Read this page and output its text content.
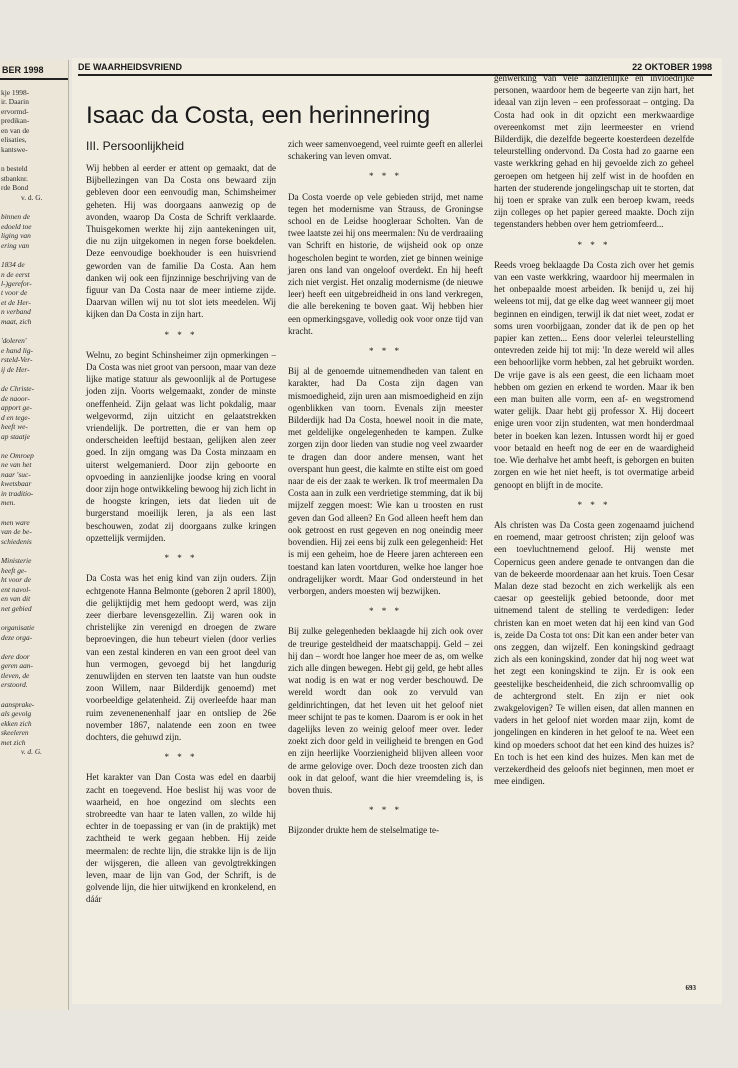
BER 1998
kje 1998-
ir. Daarin
ervormd-
predikan-
en van de
elisaties,
kantswe-
n besteld
stbanknr.
rde Bond
v. d. G.
binnen de
edoeld toe
liging van
ering van
1834 de
n de eerst
l-)gerefor-
t voor de
et de Her-
n verband
maat, zich
'doleren'
e hand lig-
rsteld-Ver-
ij de Her-
de Christe-
de naoor-
apport ge-
d en tege-
heeft we-
ap staatje
ne Omroep
ne van het
naar 'suc-
kwetsbaar
in traditio-
men.
men ware
van de be-
schiedenis
Ministerie
heeft ge-
ht voor de
ent navol-
en van dit
net gebied
organisatie
deze orga-
dere door
geren aan-
tleven, de
erstoord.
aansprake-
als gevolg
ekken zich
skeeleren
met zich
v. d. G.
DE WAARHEIDSVRIEND	22 OKTOBER 1998
Isaac da Costa, een herinnering
III. Persoonlijkheid

Wij hebben al eerder er attent op gemaakt, dat de Bijbellezingen van Da Costa ons bewaard zijn gebleven door een eenvoudig man, Schimsheimer geheten. Hij was doorgaans aanwezig op de avonden, waarop Da Costa de Schrift verklaarde. Thuisgekomen werkte hij zijn aantekeningen uit, die nu zijn uitgekomen in negen forse boekdelen. Deze eenvoudige boekhouder is een huisvriend geworden van de familie Da Costa. Aan hem danken wij ook een fijnzinnige beschrijving van de figuur van Da Costa naar de meer intieme zijde. Daarvan willen wij nu tot slot iets meedelen. Wij kijken dan Da Costa in zijn hart.

* * *

Welnu, zo begint Schinsheimer zijn opmerkingen – Da Costa was niet groot van persoon, maar van deze lijke matige statuur als gewoonlijk al de Portugese joden zijn. Voorts welgemaakt, zonder de minste oneffenheid. Zijn gelaat was licht pokdalig, maar welgevormd, zijn uitzicht en gelaatstrekken vriendelijk. De portretten, die er van hem op onderscheiden leeftijd bestaan, gelijken alen zeer goed. In zijn omgang was Da Costa minzaam en uiterst welgemanierd. Door zijn geboorte en opvoeding in aanzienlijke joodse kring en vooral door zijn hoge ontwikkeling bewoog hij zich licht in de hoogste kringen, iets dat lieden uit de burgerstand moeilijk leren, ja als een last beschouwen, zodat zij doorgaans zulke kringen opzettelijk vermijden.

* * *

Da Costa was het enig kind van zijn ouders. Zijn echtgenote Hanna Belmonte (geboren 2 april 1800), die gelijktijdig met hem gedoopt werd, was zijn zeer dierbare levensgezellin. Zij waren ook in christelijke zin verenigd en droegen de zware beproevingen, die hun tebeurt vielen (door verlies van een zestal kinderen en van een groot deel van hun vermogen, gevoegd bij het langdurig zenuwlijden en sterven ten laatste van hun oudste zoon Willem, naar Bilderdijk genoemd) met voorbeeldige gelatenheid. Zij overleefde haar man ruim zevenenenenhalf jaar en ontsliep de 26e november 1867, nalatende een zoon en twee dochters, die gehuwd zijn.

* * *

Het karakter van Dan Costa was edel en daarbij zacht en toegevend. Hoe beslist hij was voor de waarheid, en hoe ongezind om slechts een strobreedte van haar te laten vallen, zo wilde hij echter in de toepassing er van (in de praktijk) met zachtheid te werk gegaan hebben. Hij zeide meermalen: de rechte lijn, die strakke lijn is de lijn der wijsgeren, die alleen van gevolgtrekkingen leven, maar de lijn van God, der Schrift, is de golvende lijn, die hier uitwijkend en kronkelend, en dáár

zich weer samenvoegend, veel ruimte geeft en allerlei schakering van leven omvat.

* * *

Da Costa voerde op vele gebieden strijd, met name tegen het modernisme van Strauss, de Groningse school en de Leidse hoogleraar Scholten. Van de twee laatste zei hij ons meermalen: Nu de verdraaiing van Schrift en historie, de wijsheid ook op onze hogescholen begint te worden, ziet ge binnen weinige jaren ons land van ongeloof overdekt. En hij heeft zich niet vergist. Het onzalig modernisme (de nieuwe leer) heeft een uitgebreidheid in ons land verkregen, die alle berekening te boven gaat. Wij hebben hier een opmerkingsgave, volledig ook voor onze tijd van kracht.

* * *

Bij al de genoemde uitnemendheden van talent en karakter, had Da Costa zijn dagen van mismoedigheid, zijn uren aan mismoedigheid en zijn ogenblikken van toorn. Evenals zijn meester Bilderdijk had Da Costa, hoewel nooit in die mate, met geldelijke ongelegenheden te kampen. Zulke zorgen zijn door lieden van studie nog veel zwaarder te dragen dan door andere mensen, want het overspant hun geest, die kalmte en stilte eist om goed naar de eis der zaak te werken. Ik trof meermalen Da Costa aan in zulk een verdrietige stemming, dat ik bij mijzelf zeggen moest: Wie kan u troosten en rust geven dan God alleen? En God alleen heeft hem dan ook getroost en rust gegeven en nog oneindig meer bovendien. Hij zei eens bij zulk een gelegenheid: Het is mij een geheim, hoe de Heere jaren achtereen een toestand kan laten voortduren, welke hoe langer hoe ondragelijker wordt. Maar God ondersteund in het verborgen, anders moesten wij bezwijken.

* * *

Bij zulke gelegenheden beklaagde hij zich ook over de treurige gesteldheid der maatschappij. Geld – zei hij dan – wordt hoe langer hoe meer de as, om welke zich alle dingen bewegen. Hebt gij geld, ge hebt alles wat nodig is en wat er nog verder beschouwd. De wereld wordt dan ook zo vervuld van geldinrichtingen, dat het leven uit het geloof niet meer schijnt te pas te komen. Daarom is er ook in het dagelijks leven zo weinig geloof meer over. Ieder zoekt zich door geld in veiligheid te brengen en God en zijn heerlijke Voorzienigheid blijven alleen voor de arme gelovige over. Doch deze troosten zich dan ook in dat geloof, want die hier vreemdeling is, is boven thuis.

* * *

Bijzonder drukte hem de stelselmatige te-

genwerking van vele aanzienlijke en invloedrijke personen, waardoor hem de begeerte van zijn hart, het ideaal van zijn leven – een professoraat – ontging. Da Costa had ook in dit opzicht een merkwaardige overeenkomst met zijn leermeester en vriend Bilderdijk, die dezelfde begeerte koesterdeen dezelfde teleurstelling ondervond. Da Costa had zo gaarne een vaste werkkring gehad en hij gevoelde zich zo geheel geroepen om hetgeen hij zelf wist in de hoofden en harten der studerende jongelingschap uit te storten, dat hij toen er sprake van zulk een beroep kwam, reeds zijn colleges op het papier gereed maakte. Doch zijn tegenstanders hebben over hem getriomfeerd...

* * *

Reeds vroeg beklaagde Da Costa zich over het gemis van een vaste werkkring, waardoor hij meermalen in het onbepaalde moest arbeiden. Ik benijd u, zei hij weleens tot mij, dat ge elke dag weet wanneer gij moet beginnen en eindigen, terwijl ik dat niet weet, zodat er soms uren voorbijgaan, zonder dat ik de pen op het papier kan zetten... Eens door velerlei teleurstelling ontevreden zeide hij tot mij: 'In deze wereld wil alles een behoorlijke vorm hebben, zal het gebruikt worden. De vrije gave is als een geest, die een lichaam moet hebben om gezien en erkend te worden. Maar ik ben een man buiten alle vorm, een af- en wegstromend water gelijk. Daar hebt gij professor X. Hij doceert enige uren voor zijn studenten, wat men honderdmaal beter in boeken kan lezen. Intussen wordt hij er goed voor betaald en heeft nog de eer en de waardigheid toe. Wie derhalve het ambt heeft, is geborgen en buiten zorgen en wie het niet heeft, is tot overmatige arbeid genoopt en blijft in de mocite.

* * *

Als christen was Da Costa geen zogenaamd juichend en roemend, maar getroost christen; zijn geloof was een toevluchtnemend geloof. Hij wenste met Copernicus geen andere genade te ontvangen dan die van de bekeerde moordenaar aan het kruis. Toen Cesar Malan deze stad bezocht en zich werkelijk als een caesar op geestelijk gebied betoonde, door met uitnemend talent de stelling te verdedigen: Ieder christen kan en moet weten dat hij een kind van God is, zeide Da Costa tot ons: Dit kan een ander beter van ons zeggen, dan wijzelf. Een koningskind gedraagt zich als een koningskind, zonder dat hij nog weet wat het zegt een koningskind te zijn. Er is ook een geestelijke bescheidenheid, die zich schroomvallig op de achtergrond stelt. En zijn er niet ook zwakgelovigen? Te willen eisen, dat allen mannen en vaders in het geloof niet worden maar zijn, komt de jongelingen en kinderen in het geloof te na. Weet een kind op moeders schoot dat het een kind des huizes is? En toch is het een kind des huizes. Men kan met de verzekerdheid des geloofs niet beginnen, men moet er mee eindigen.

693
